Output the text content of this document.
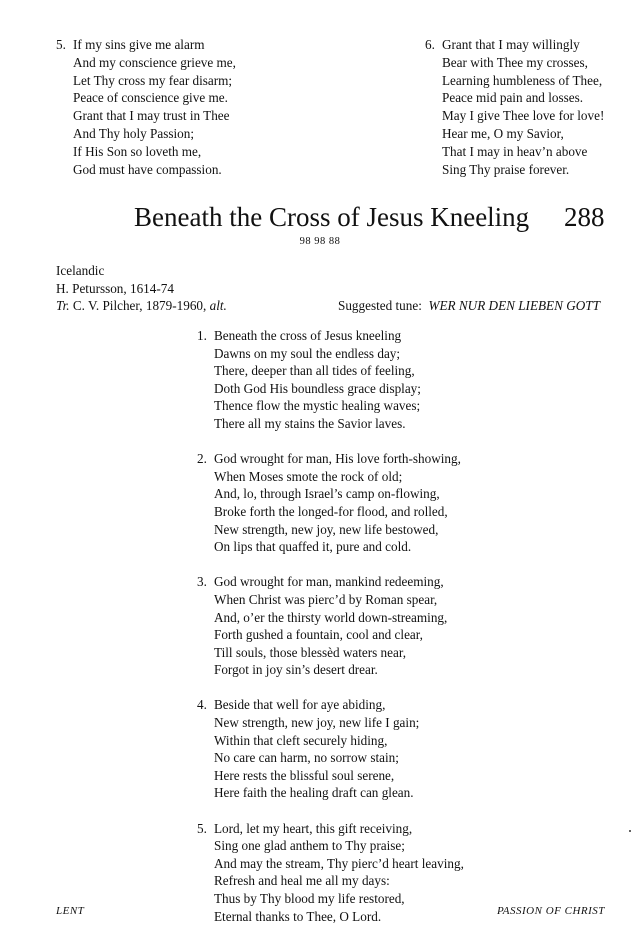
5. If my sins give me alarm
And my conscience grieve me,
Let Thy cross my fear disarm;
Peace of conscience give me.
Grant that I may trust in Thee
And Thy holy Passion;
If His Son so loveth me,
God must have compassion.
6. Grant that I may willingly
Bear with Thee my crosses,
Learning humbleness of Thee,
Peace mid pain and losses.
May I give Thee love for love!
Hear me, O my Savior,
That I may in heav’n above
Sing Thy praise forever.
Beneath the Cross of Jesus Kneeling 288
98 98 88
Icelandic
H. Petursson, 1614-74
Tr. C. V. Pilcher, 1879-1960, alt.	Suggested tune: WER NUR DEN LIEBEN GOTT
1. Beneath the cross of Jesus kneeling
Dawns on my soul the endless day;
There, deeper than all tides of feeling,
Doth God His boundless grace display;
Thence flow the mystic healing waves;
There all my stains the Savior laves.
2. God wrought for man, His love forth-showing,
When Moses smote the rock of old;
And, lo, through Israel’s camp on-flowing,
Broke forth the longed-for flood, and rolled,
New strength, new joy, new life bestowed,
On lips that quaffed it, pure and cold.
3. God wrought for man, mankind redeeming,
When Christ was pierc’d by Roman spear,
And, o’er the thirsty world down-streaming,
Forth gushed a fountain, cool and clear,
Till souls, those blessèd waters near,
Forgot in joy sin’s desert drear.
4. Beside that well for aye abiding,
New strength, new joy, new life I gain;
Within that cleft securely hiding,
No care can harm, no sorrow stain;
Here rests the blissful soul serene,
Here faith the healing draft can glean.
5. Lord, let my heart, this gift receiving,
Sing one glad anthem to Thy praise;
And may the stream, Thy pierc’d heart leaving,
Refresh and heal me all my days:
Thus by Thy blood my life restored,
Eternal thanks to Thee, O Lord.
LENT	PASSION OF CHRIST
